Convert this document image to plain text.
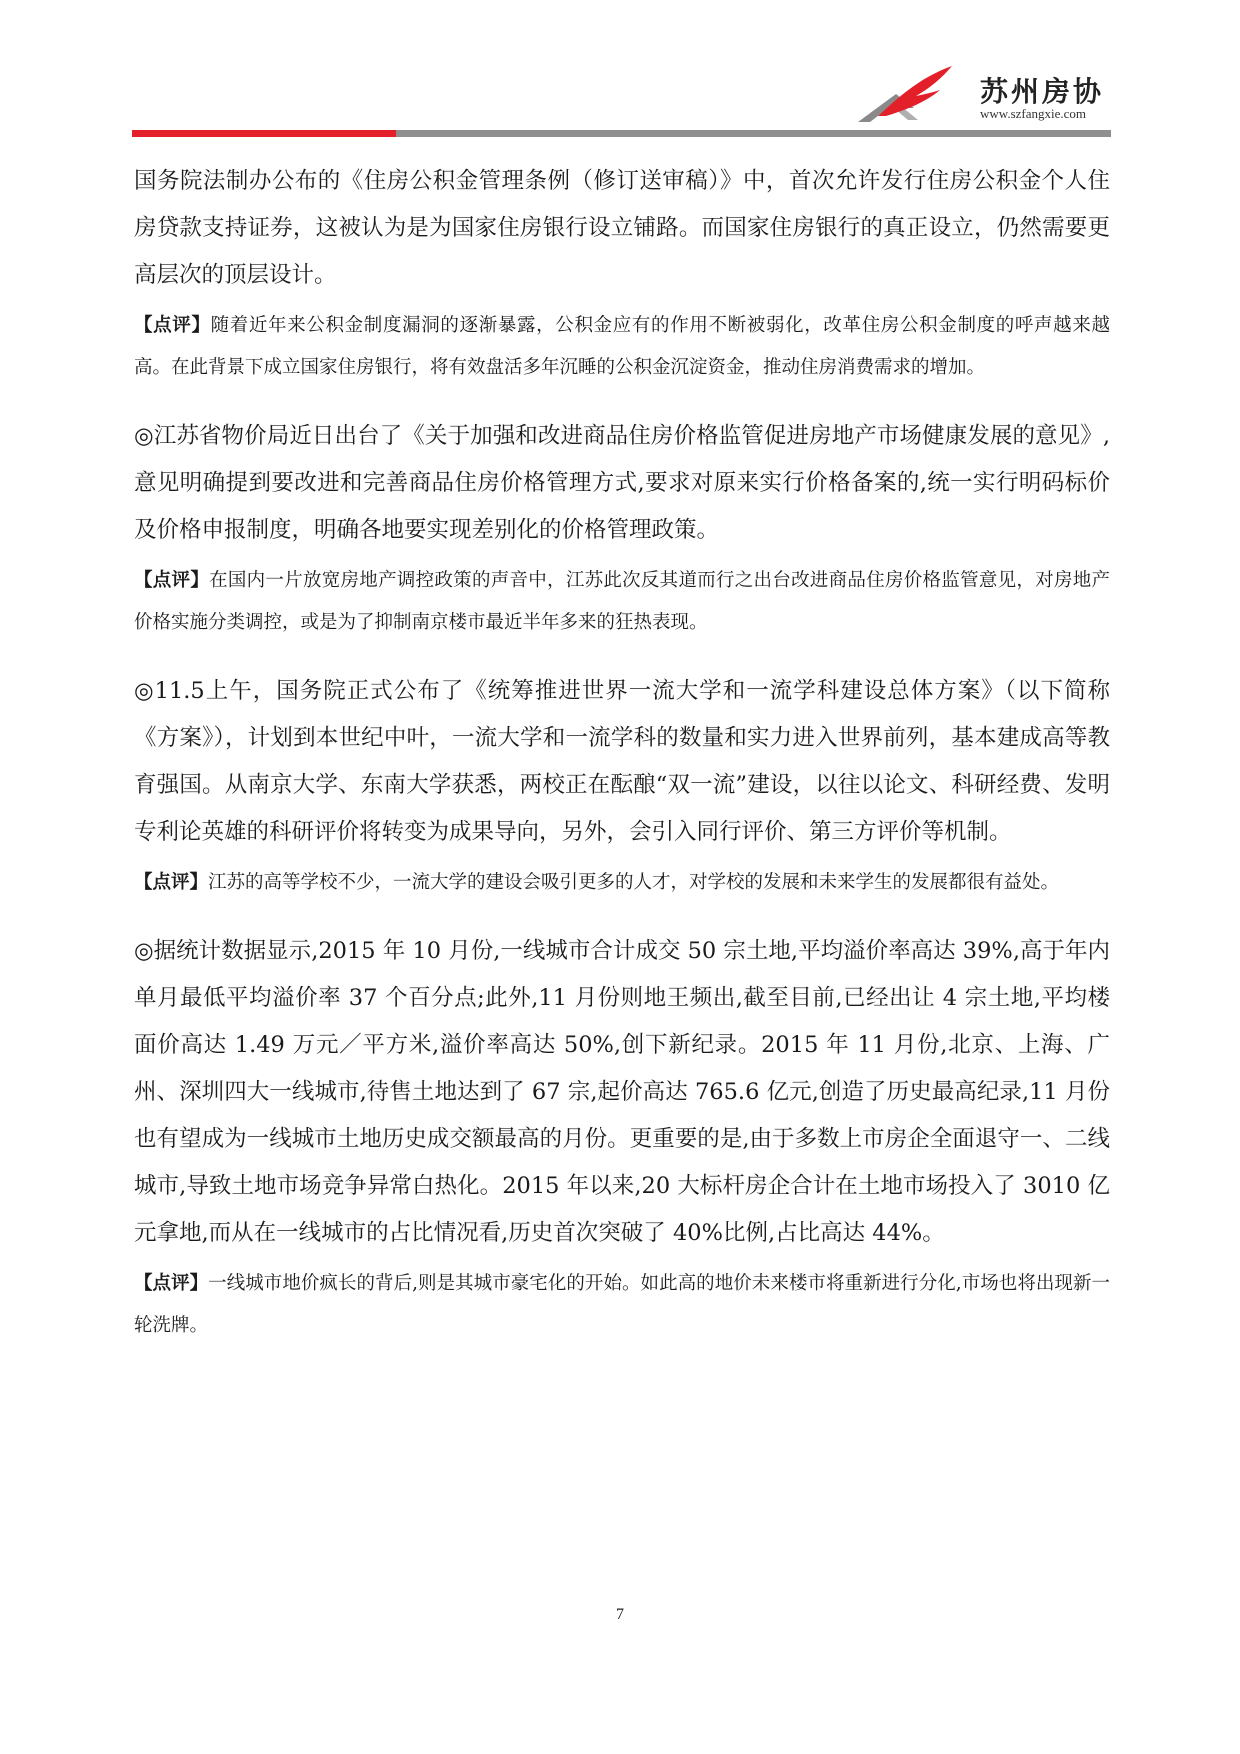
苏州房协
www.szfangxie.com

国务院法制办公布的《住房公积金管理条例（修订送审稿）》中，首次允许发行住房公积金个人住房贷款支持证券，这被认为是为国家住房银行设立铺路。而国家住房银行的真正设立，仍然需要更高层次的顶层设计。

【点评】随着近年来公积金制度漏洞的逐渐暴露，公积金应有的作用不断被弱化，改革住房公积金制度的呼声越来越高。在此背景下成立国家住房银行，将有效盘活多年沉睡的公积金沉淀资金，推动住房消费需求的增加。

◎江苏省物价局近日出台了《关于加强和改进商品住房价格监管促进房地产市场健康发展的意见》,意见明确提到要改进和完善商品住房价格管理方式,要求对原来实行价格备案的,统一实行明码标价及价格申报制度，明确各地要实现差别化的价格管理政策。

【点评】在国内一片放宽房地产调控政策的声音中，江苏此次反其道而行之出台改进商品住房价格监管意见，对房地产价格实施分类调控，或是为了抑制南京楼市最近半年多来的狂热表现。

◎11.5上午，国务院正式公布了《统筹推进世界一流大学和一流学科建设总体方案》（以下简称《方案》），计划到本世纪中叶，一流大学和一流学科的数量和实力进入世界前列，基本建成高等教育强国。从南京大学、东南大学获悉，两校正在酝酿“双一流”建设，以往以论文、科研经费、发明专利论英雄的科研评价将转变为成果导向，另外，会引入同行评价、第三方评价等机制。

【点评】江苏的高等学校不少，一流大学的建设会吸引更多的人才，对学校的发展和未来学生的发展都很有益处。

◎据统计数据显示,2015 年 10 月份,一线城市合计成交 50 宗土地,平均溢价率高达 39%,高于年内单月最低平均溢价率 37 个百分点;此外,11 月份则地王频出,截至目前,已经出让 4 宗土地,平均楼面价高达 1.49 万元／平方米,溢价率高达 50%,创下新纪录。2015 年 11 月份,北京、上海、广州、深圳四大一线城市,待售土地达到了 67 宗,起价高达 765.6 亿元,创造了历史最高纪录,11 月份也有望成为一线城市土地历史成交额最高的月份。更重要的是,由于多数上市房企全面退守一、二线城市,导致土地市场竞争异常白热化。2015 年以来,20 大标杆房企合计在土地市场投入了 3010 亿元拿地,而从在一线城市的占比情况看,历史首次突破了 40%比例,占比高达 44%。

【点评】一线城市地价疯长的背后,则是其城市豪宅化的开始。如此高的地价未来楼市将重新进行分化,市场也将出现新一轮洗牌。

7
